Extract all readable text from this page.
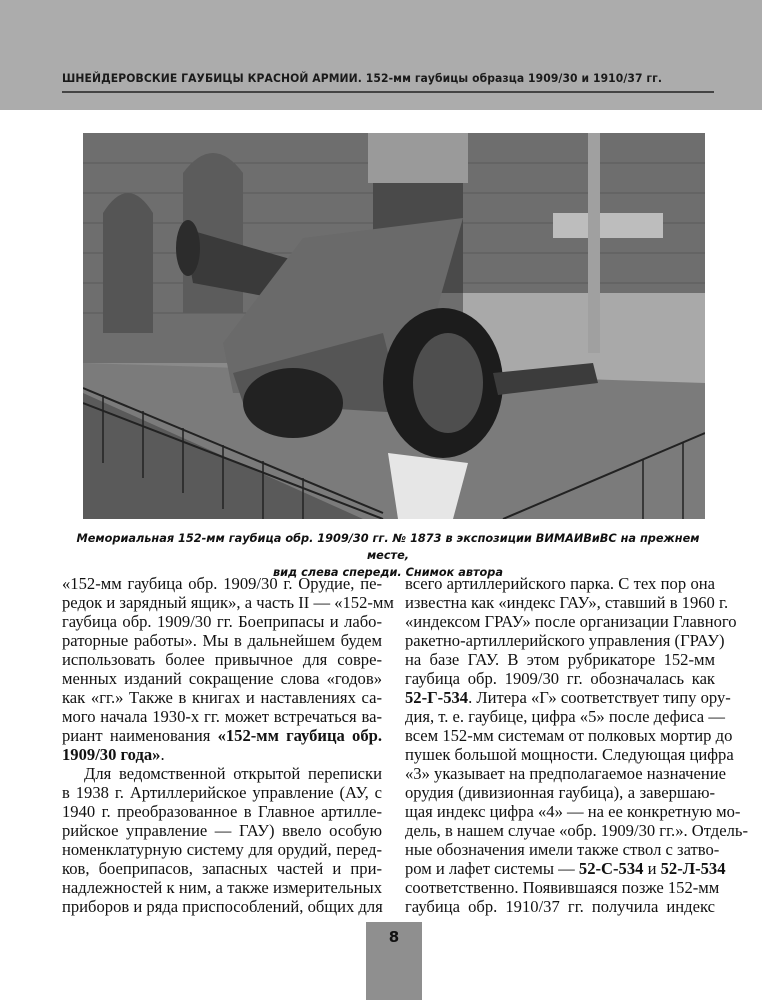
ШНЕЙДЕРОВСКИЕ ГАУБИЦЫ КРАСНОЙ АРМИИ. 152-мм гаубицы образца 1909/30 и 1910/37 гг.
Мемориальная 152-мм гаубица обр. 1909/30 гг. № 1873 в экспозиции ВИМАИВиВС на прежнем месте,
вид слева спереди. Снимок автора
«152-мм гаубица обр. 1909/30 г. Орудие, пе-
редок и зарядный ящик», а часть II — «152-мм
гаубица обр. 1909/30 гг. Боеприпасы и лабо-
раторные работы». Мы в дальнейшем будем
использовать более привычное для совре-
менных изданий сокращение слова «годов»
как «гг.» Также в книгах и наставлениях са-
мого начала 1930-х гг. может встречаться ва-
риант наименования «152-мм гаубица обр.
1909/30 года».
Для ведомственной открытой переписки
в 1938 г. Артиллерийское управление (АУ, с
1940 г. преобразованное в Главное артилле-
рийское управление — ГАУ) ввело особую
номенклатурную систему для орудий, перед-
ков, боеприпасов, запасных частей и при-
надлежностей к ним, а также измерительных
приборов и ряда приспособлений, общих для
всего артиллерийского парка. С тех пор она
известна как «индекс ГАУ», ставший в 1960 г.
«индексом ГРАУ» после организации Главного
ракетно-артиллерийского управления (ГРАУ)
на базе ГАУ. В этом рубрикаторе 152-мм
гаубица обр. 1909/30 гг. обозначалась как
52-Г-534. Литера «Г» соответствует типу ору-
дия, т. е. гаубице, цифра «5» после дефиса —
всем 152-мм системам от полковых мортир до
пушек большой мощности. Следующая цифра
«3» указывает на предполагаемое назначение
орудия (дивизионная гаубица), а завершаю-
щая индекс цифра «4» — на ее конкретную мо-
дель, в нашем случае «обр. 1909/30 гг.». Отдель-
ные обозначения имели также ствол с затво-
ром и лафет системы — 52-С-534 и 52-Л-534
соответственно. Появившаяся позже 152-мм
гаубица обр. 1910/37 гг. получила индекс
8
